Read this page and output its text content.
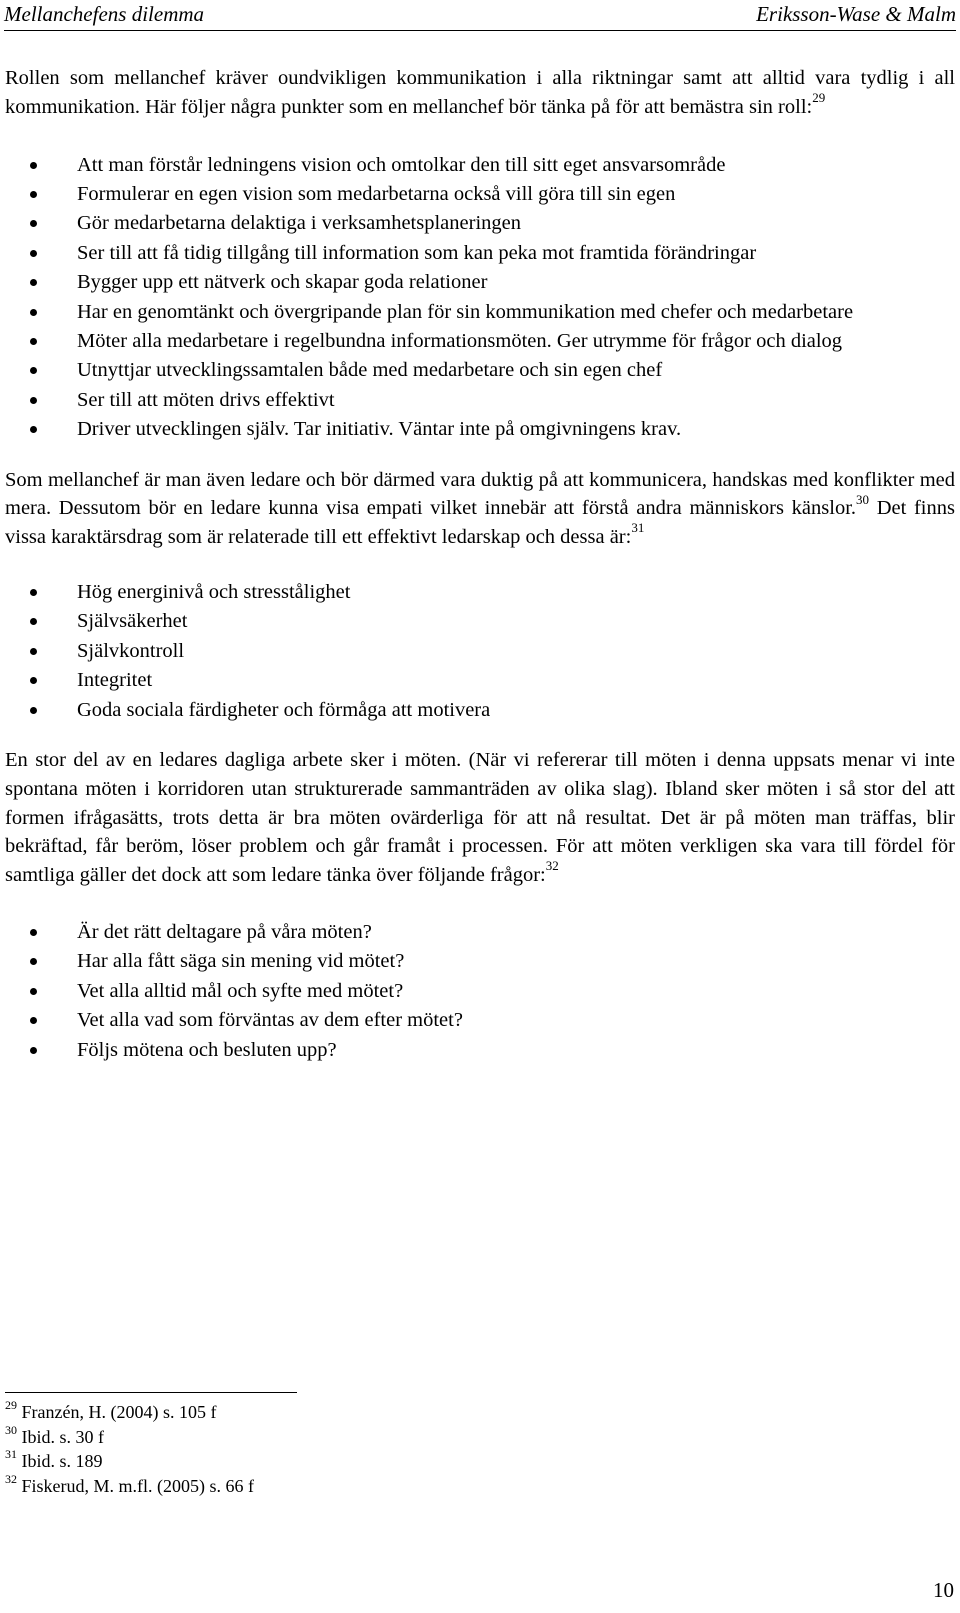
Mellanchefens dilemma	Eriksson-Wase & Malm

Rollen som mellanchef kräver oundvikligen kommunikation i alla riktningar samt att alltid vara tydlig i all kommunikation. Här följer några punkter som en mellanchef bör tänka på för att bemästra sin roll:$^{29}$

Att man förstår ledningens vision och omtolkar den till sitt eget ansvarsområde
Formulerar en egen vision som medarbetarna också vill göra till sin egen
Gör medarbetarna delaktiga i verksamhetsplaneringen
Ser till att få tidig tillgång till information som kan peka mot framtida förändringar
Bygger upp ett nätverk och skapar goda relationer
Har en genomtänkt och övergripande plan för sin kommunikation med chefer och medarbetare
Möter alla medarbetare i regelbundna informationsmöten. Ger utrymme för frågor och dialog
Utnyttjar utvecklingssamtalen både med medarbetare och sin egen chef
Ser till att möten drivs effektivt
Driver utvecklingen själv. Tar initiativ. Väntar inte på omgivningens krav.

Som mellanchef är man även ledare och bör därmed vara duktig på att kommunicera, handskas med konflikter med mera. Dessutom bör en ledare kunna visa empati vilket innebär att förstå andra människors känslor.$^{30}$ Det finns vissa karaktärsdrag som är relaterade till ett effektivt ledarskap och dessa är:$^{31}$

Hög energinivå och stresstålighet
Självsäkerhet
Självkontroll
Integritet
Goda sociala färdigheter och förmåga att motivera

En stor del av en ledares dagliga arbete sker i möten. (När vi refererar till möten i denna uppsats menar vi inte spontana möten i korridoren utan strukturerade sammanträden av olika slag). Ibland sker möten i så stor del att formen ifrågasätts, trots detta är bra möten ovärderliga för att nå resultat. Det är på möten man träffas, blir bekräftad, får beröm, löser problem och går framåt i processen. För att möten verkligen ska vara till fördel för samtliga gäller det dock att som ledare tänka över följande frågor:$^{32}$

Är det rätt deltagare på våra möten?
Har alla fått säga sin mening vid mötet?
Vet alla alltid mål och syfte med mötet?
Vet alla vad som förväntas av dem efter mötet?
Följs mötena och besluten upp?
$^{29}$ Franzén, H. (2004) s. 105 f
$^{30}$ Ibid. s. 30 f
$^{31}$ Ibid. s. 189
$^{32}$ Fiskerud, M. m.fl. (2005) s. 66 f
10
